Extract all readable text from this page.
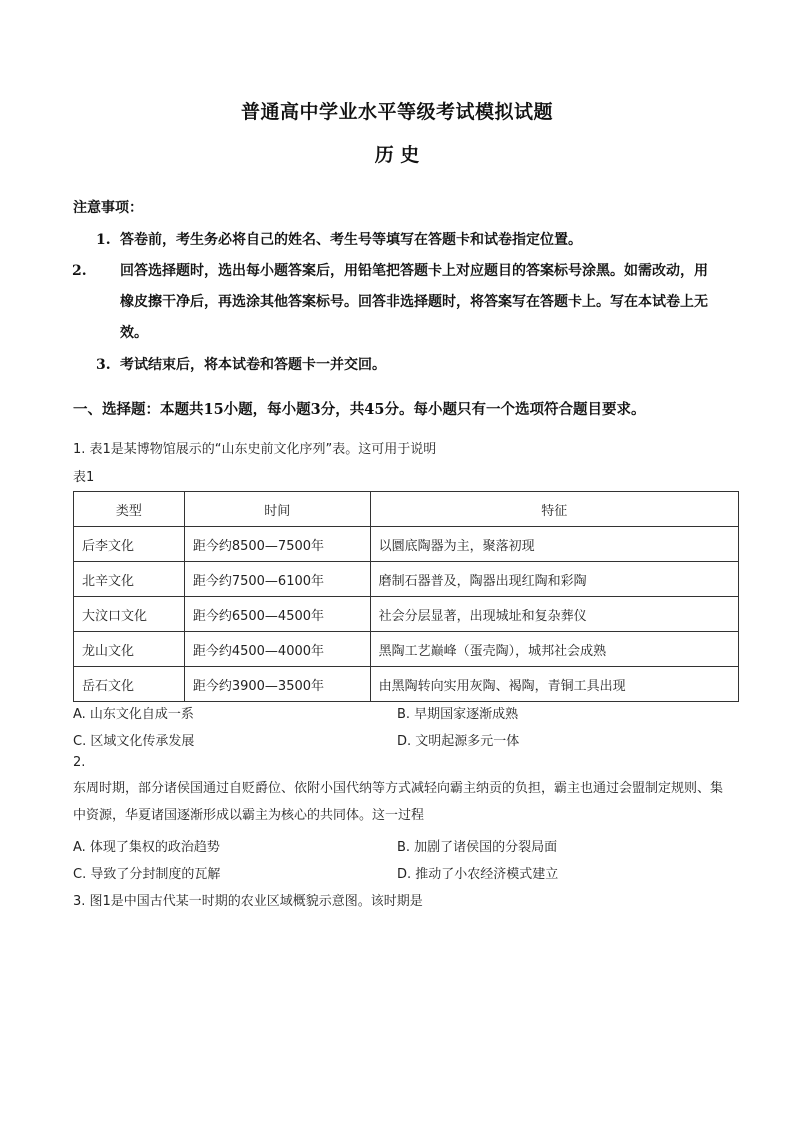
普通高中学业水平等级考试模拟试题
历 史
注意事项：
1. 答卷前，考生务必将自己的姓名、考生号等填写在答题卡和试卷指定位置。
2. 回答选择题时，选出每小题答案后，用铅笔把答题卡上对应题目的答案标号涂黑。如需改动，用橡皮擦干净后，再选涂其他答案标号。回答非选择题时，将答案写在答题卡上。写在本试卷上无效。
3. 考试结束后，将本试卷和答题卡一并交回。
一、选择题：本题共15小题，每小题3分，共45分。每小题只有一个选项符合题目要求。
1. 表1是某博物馆展示的“山东史前文化序列”表。这可用于说明
表1
类型	时间	特征
后李文化	距今约8500—7500年	以圜底陶器为主，聚落初现
北辛文化	距今约7500—6100年	磨制石器普及，陶器出现红陶和彩陶
大汶口文化	距今约6500—4500年	社会分层显著，出现城址和复杂葬仪
龙山文化	距今约4500—4000年	黑陶工艺巅峰（蛋壳陶），城邦社会成熟
岳石文化	距今约3900—3500年	由黑陶转向实用灰陶、褐陶，青铜工具出现
A. 山东文化自成一系	B. 早期国家逐渐成熟
C. 区域文化传承发展	D. 文明起源多元一体
2.
东周时期，部分诸侯国通过自贬爵位、依附小国代纳等方式减轻向霸主纳贡的负担，霸主也通过会盟制定规则、集中资源，华夏诸国逐渐形成以霸主为核心的共同体。这一过程
A. 体现了集权的政治趋势	B. 加剧了诸侯国的分裂局面
C. 导致了分封制度的瓦解	D. 推动了小农经济模式建立
3. 图1是中国古代某一时期的农业区域概貌示意图。该时期是
